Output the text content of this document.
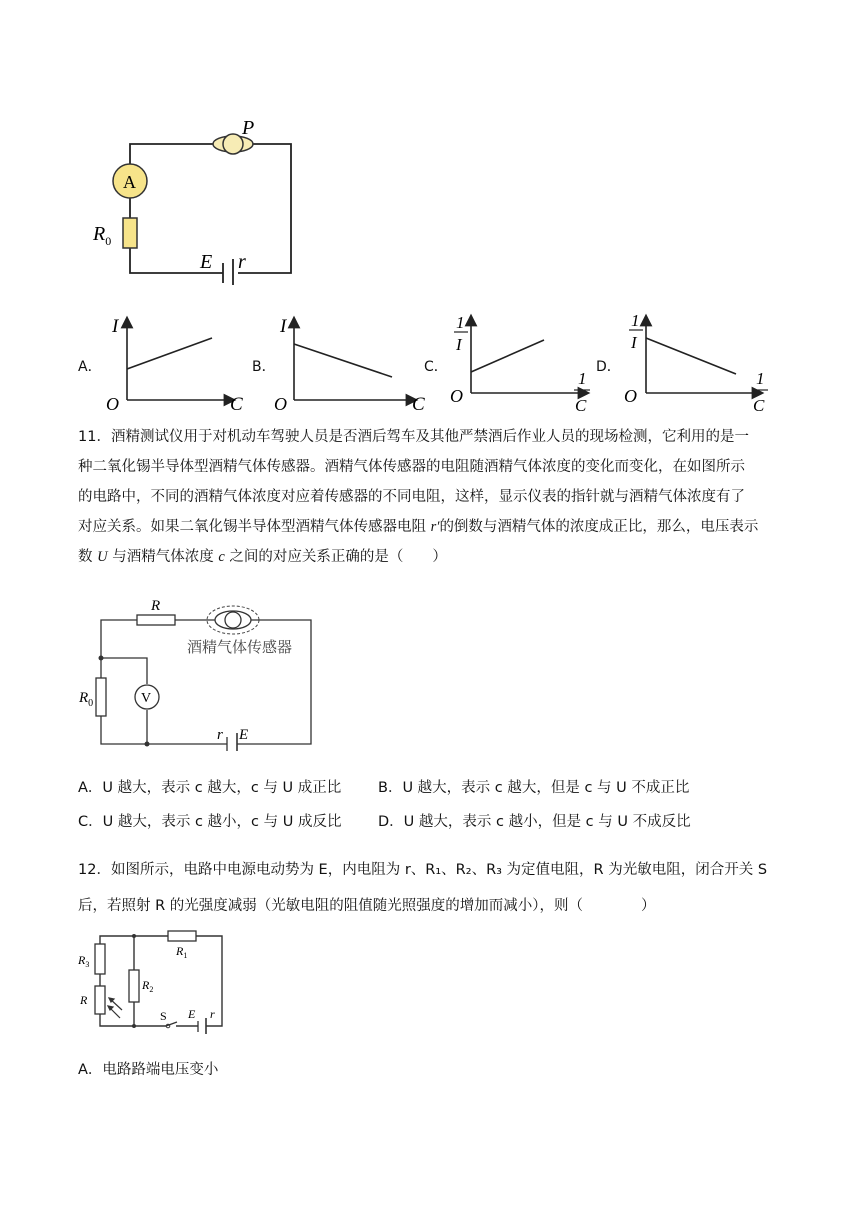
P
A
$R_0$
E r
A．
I
C
O
B．
I
C
O
C．
1
I
1
C
O
D．
1
I
1
C
O
11．酒精测试仪用于对机动车驾驶人员是否酒后驾车及其他严禁酒后作业人员的现场检测，它利用的是一
种二氧化锡半导体型酒精气体传感器。酒精气体传感器的电阻随酒精气体浓度的变化而变化，在如图所示
的电路中，不同的酒精气体浓度对应着传感器的不同电阻，这样，显示仪表的指针就与酒精气体浓度有了
对应关系。如果二氧化锡半导体型酒精气体传感器电阻 r′的倒数与酒精气体的浓度成正比，那么，电压表示
数 U 与酒精气体浓度 c 之间的对应关系正确的是（　　）
R
酒精气体传感器
$R_0$	V
r E
A．U 越大，表示 c 越大，c 与 U 成正比	B．U 越大，表示 c 越大，但是 c 与 U 不成正比
C．U 越大，表示 c 越小，c 与 U 成反比	D．U 越大，表示 c 越小，但是 c 与 U 不成反比
12．如图所示，电路中电源电动势为 E，内电阻为 r、R₁、R₂、R₃ 为定值电阻，R 为光敏电阻，闭合开关 S
后，若照射 R 的光强度减弱（光敏电阻的阻值随光照强度的增加而减小），则（　　　　）
$R_1$
$R_3$
R
$R_2$
S E r
A．电路路端电压变小
